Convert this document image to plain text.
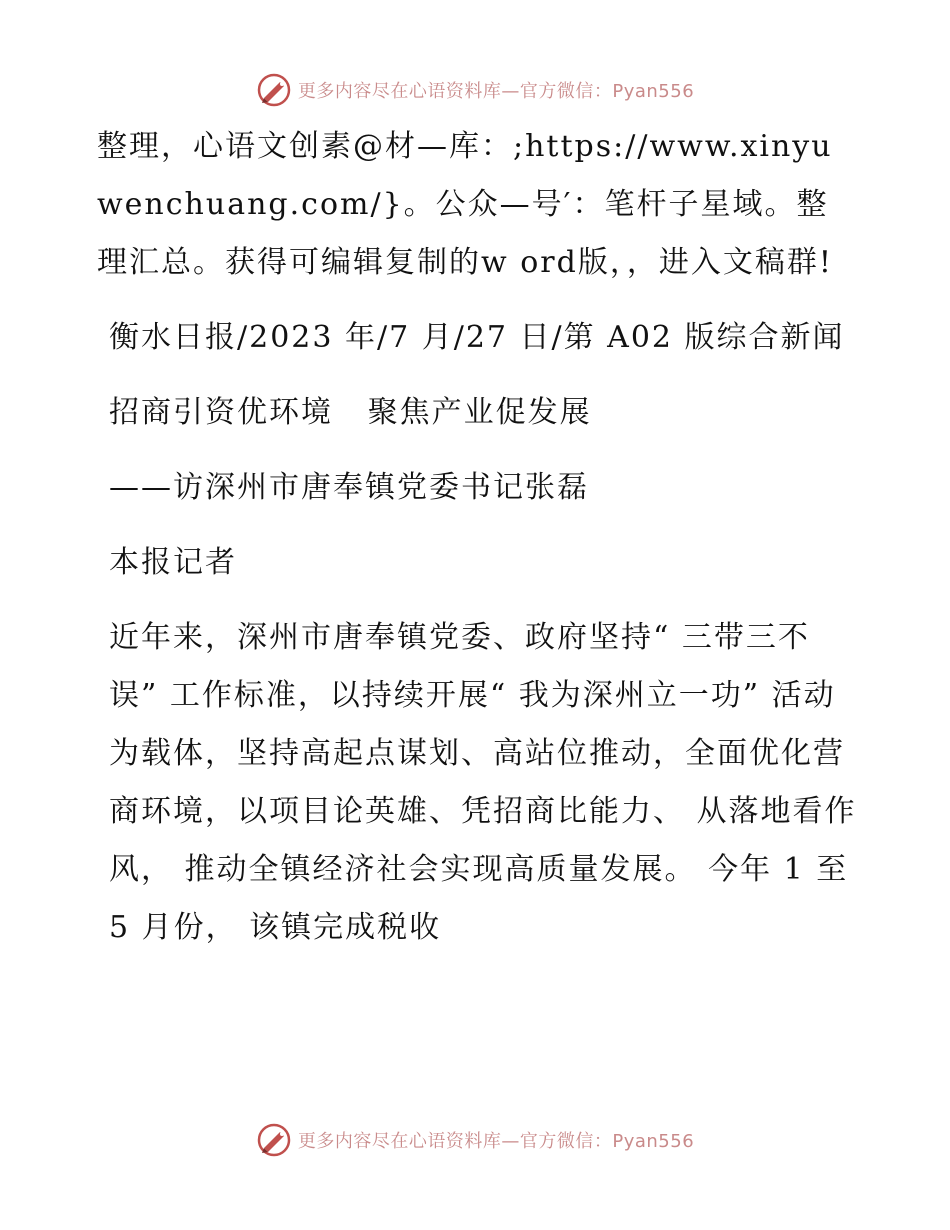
更多内容尽在心语资料库—官方微信：Pyan556

整理，心语文创素@材—库：;https://www.xinyuwenchuang.com/}。公众—号′：笔杆子星域。整理汇总。获得可编辑复制的w ord版，，进入文稿群!

衡水日报/2023 年/7 月/27 日/第 A02 版综合新闻

招商引资优环境   聚焦产业促发展

——访深州市唐奉镇党委书记张磊

本报记者

近年来，深州市唐奉镇党委、政府坚持“ 三带三不误” 工作标准，以持续开展“ 我为深州立一功” 活动为载体，坚持高起点谋划、高站位推动，全面优化营商环境，以项目论英雄、凭招商比能力、 从落地看作风， 推动全镇经济社会实现高质量发展。 今年 1 至 5 月份， 该镇完成税收

更多内容尽在心语资料库—官方微信：Pyan556
